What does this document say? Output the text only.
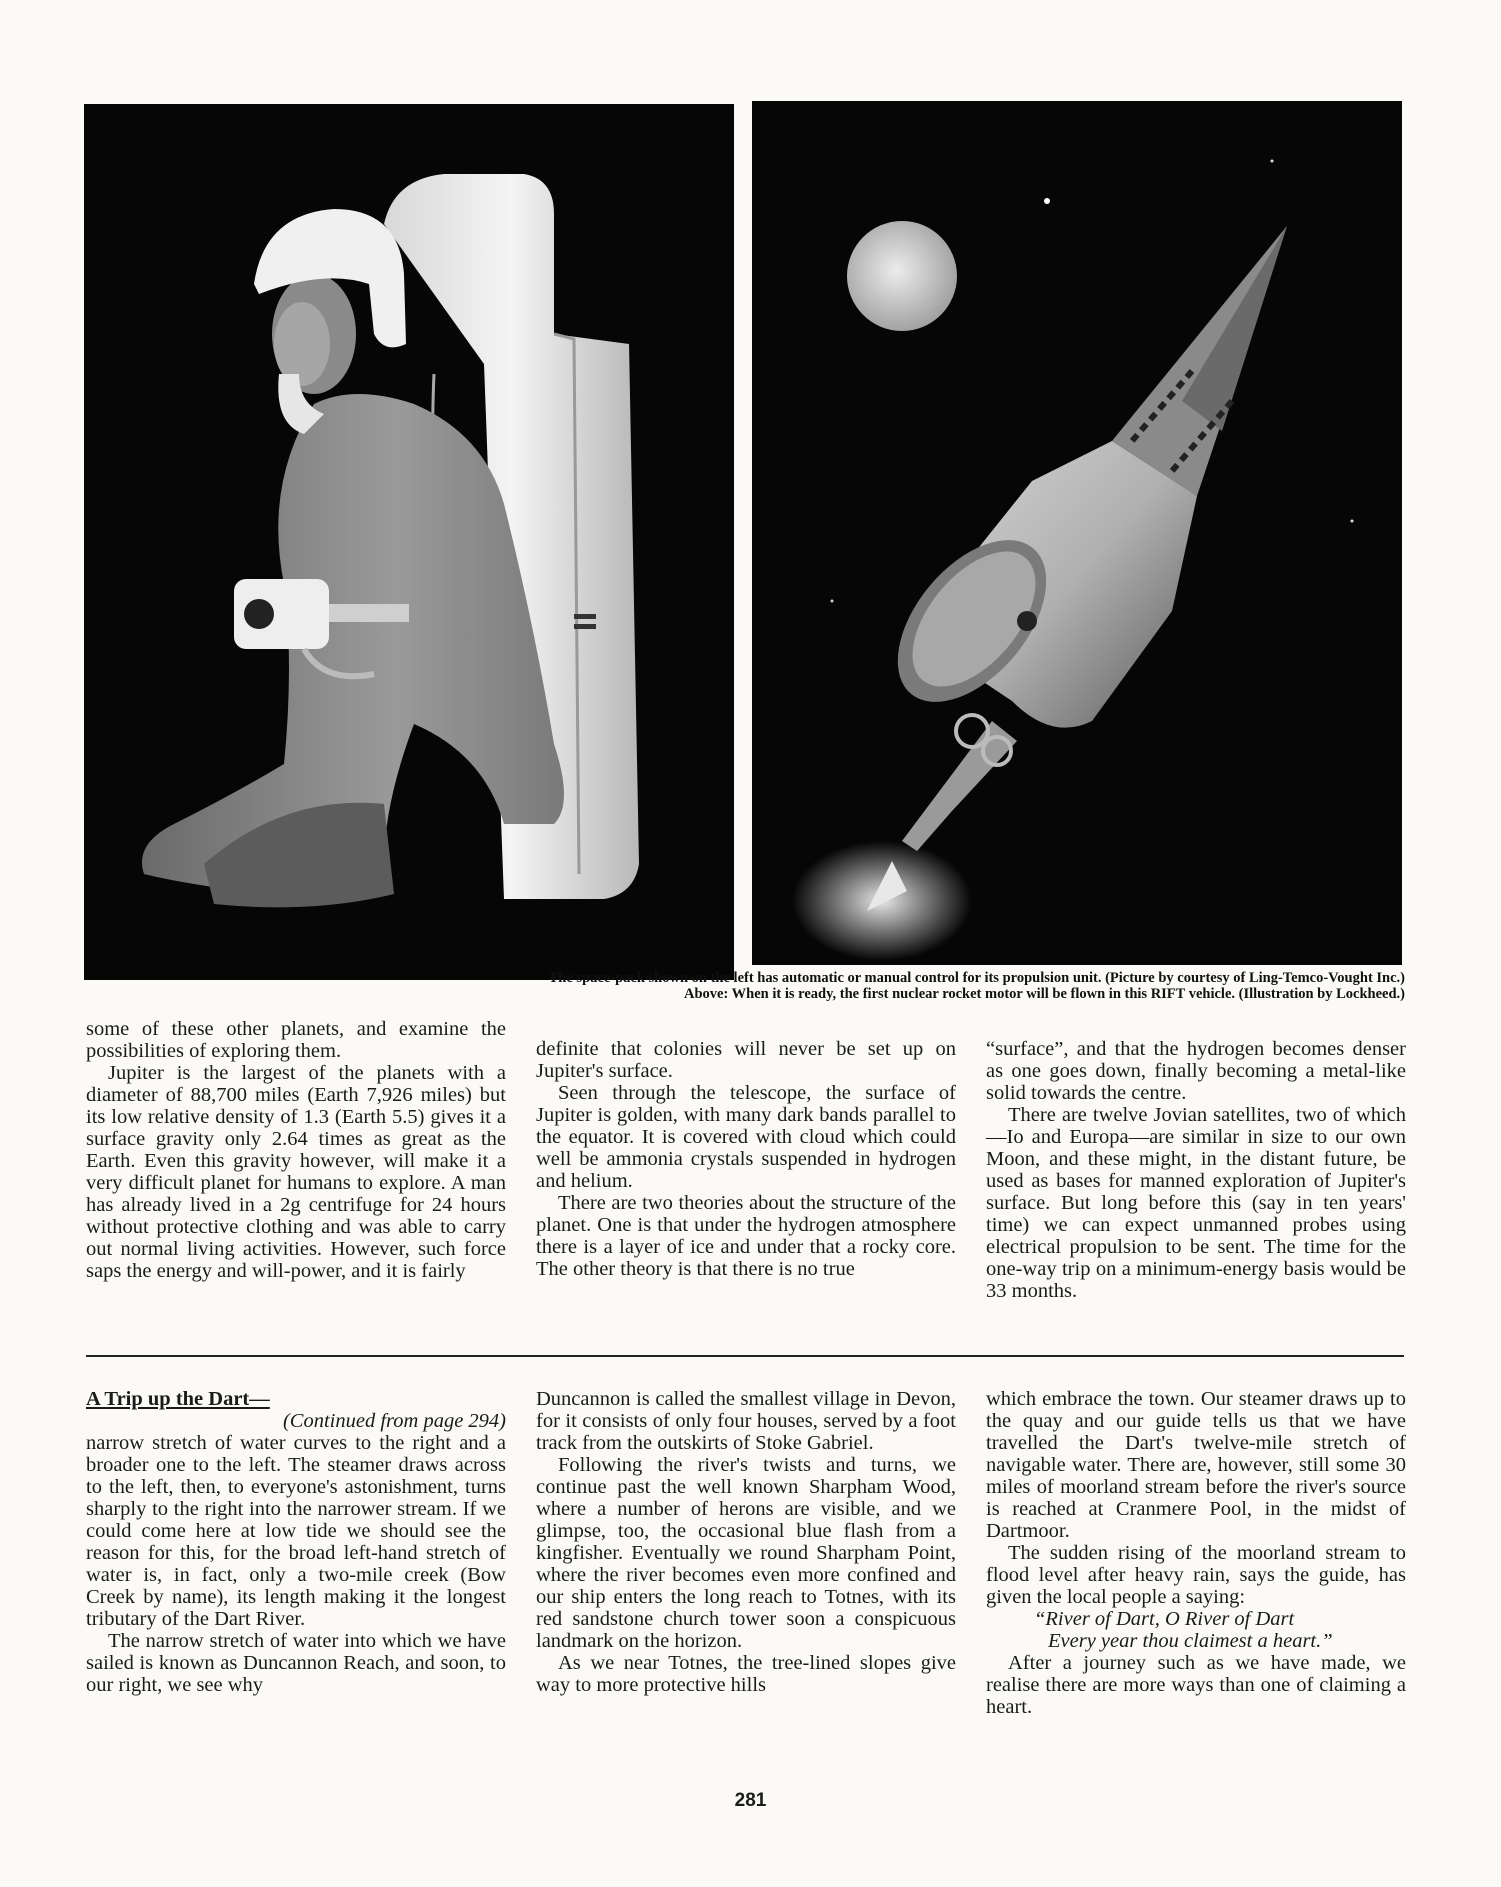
The space-pack shown on the left has automatic or manual control for its propulsion unit. (Picture by courtesy of Ling-Temco-Vought Inc.) Above: When it is ready, the first nuclear rocket motor will be flown in this RIFT vehicle. (Illustration by Lockheed.)

some of these other planets, and examine the possibilities of exploring them.

Jupiter is the largest of the planets with a diameter of 88,700 miles (Earth 7,926 miles) but its low relative density of 1.3 (Earth 5.5) gives it a surface gravity only 2.64 times as great as the Earth. Even this gravity however, will make it a very difficult planet for humans to explore. A man has already lived in a 2g centrifuge for 24 hours without protective clothing and was able to carry out normal living activities. However, such force saps the energy and will-power, and it is fairly

definite that colonies will never be set up on Jupiter's surface.

Seen through the telescope, the surface of Jupiter is golden, with many dark bands parallel to the equator. It is covered with cloud which could well be ammonia crystals suspended in hydrogen and helium.

There are two theories about the structure of the planet. One is that under the hydrogen atmosphere there is a layer of ice and under that a rocky core. The other theory is that there is no true

“surface”, and that the hydrogen becomes denser as one goes down, finally becoming a metal-like solid towards the centre.

There are twelve Jovian satellites, two of which—Io and Europa—are similar in size to our own Moon, and these might, in the distant future, be used as bases for manned exploration of Jupiter's surface. But long before this (say in ten years' time) we can expect unmanned probes using electrical propulsion to be sent. The time for the one-way trip on a minimum-energy basis would be 33 months.

A Trip up the Dart—
(Continued from page 294)

narrow stretch of water curves to the right and a broader one to the left. The steamer draws across to the left, then, to everyone's astonishment, turns sharply to the right into the narrower stream. If we could come here at low tide we should see the reason for this, for the broad left-hand stretch of water is, in fact, only a two-mile creek (Bow Creek by name), its length making it the longest tributary of the Dart River.

The narrow stretch of water into which we have sailed is known as Duncannon Reach, and soon, to our right, we see why

Duncannon is called the smallest village in Devon, for it consists of only four houses, served by a foot track from the outskirts of Stoke Gabriel.

Following the river's twists and turns, we continue past the well known Sharpham Wood, where a number of herons are visible, and we glimpse, too, the occasional blue flash from a kingfisher. Eventually we round Sharpham Point, where the river becomes even more confined and our ship enters the long reach to Totnes, with its red sandstone church tower soon a conspicuous landmark on the horizon.

As we near Totnes, the tree-lined slopes give way to more protective hills

which embrace the town. Our steamer draws up to the quay and our guide tells us that we have travelled the Dart's twelve-mile stretch of navigable water. There are, however, still some 30 miles of moorland stream before the river's source is reached at Cranmere Pool, in the midst of Dartmoor.

The sudden rising of the moorland stream to flood level after heavy rain, says the guide, has given the local people a saying:

“River of Dart, O River of Dart

Every year thou claimest a heart.”

After a journey such as we have made, we realise there are more ways than one of claiming a heart.

281
